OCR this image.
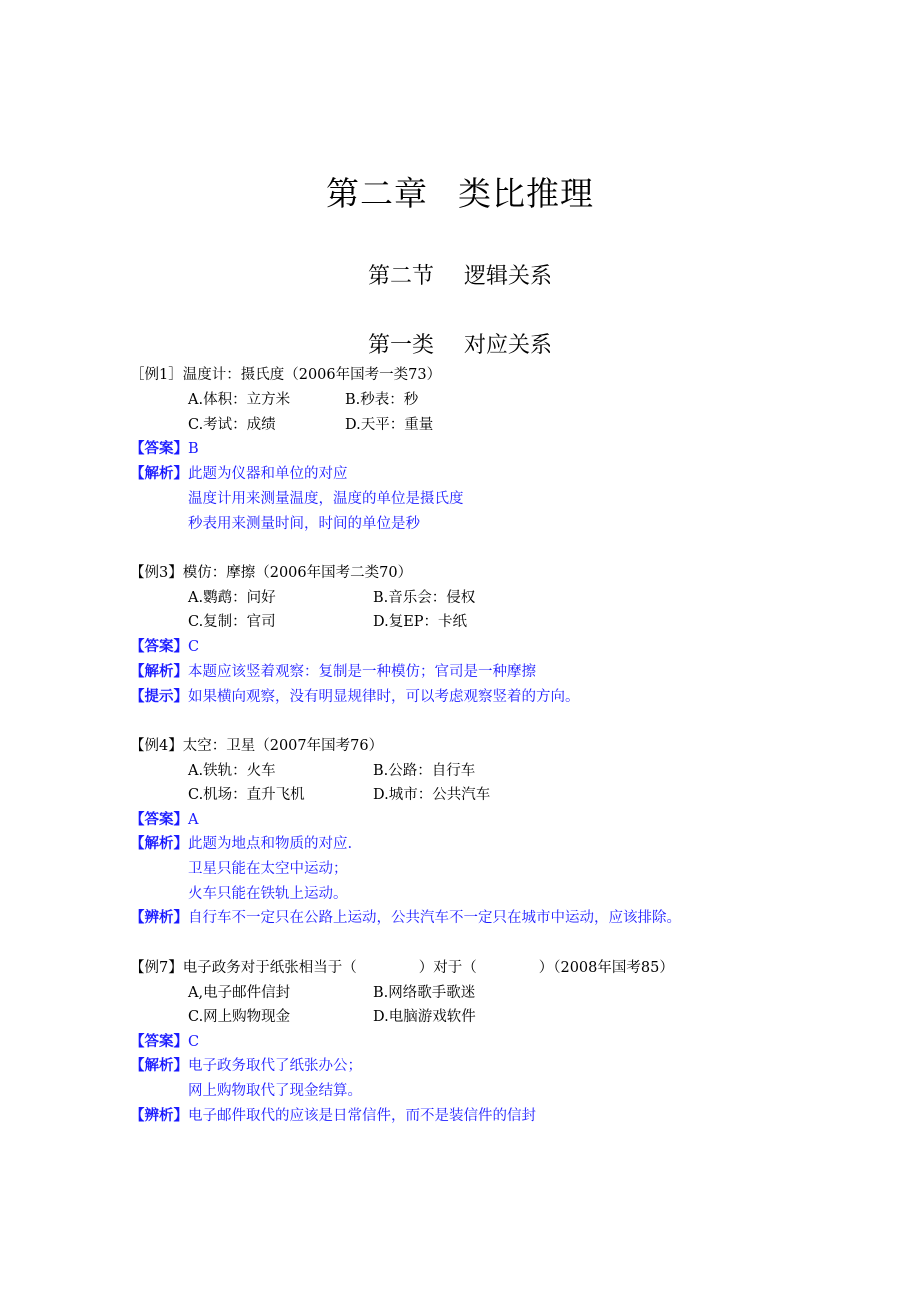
第二章 类比推理
第二节 逻辑关系
第一类 对应关系
［例1］温度计：摄氏度（2006年国考一类73）
A.体积：立方米	B.秒表：秒
C.考试：成绩	D.天平：重量
【答案】B
【解析】此题为仪器和单位的对应
温度计用来测量温度，温度的单位是摄氏度
秒表用来测量时间，时间的单位是秒
【例3】模仿：摩擦（2006年国考二类70）
A.鹦鹉：问好	B.音乐会：侵权
C.复制：官司	D.复EP：卡纸
【答案】C
【解析】本题应该竖着观察：复制是一种模仿；官司是一种摩擦
【提示】如果横向观察，没有明显规律时，可以考虑观察竖着的方向。
【例4】太空：卫星（2007年国考76）
A.铁轨：火车	B.公路：自行车
C.机场：直升飞机	D.城市：公共汽车
【答案】A
【解析】此题为地点和物质的对应.
卫星只能在太空中运动；
火车只能在铁轨上运动。
【辨析】自行车不一定只在公路上运动，公共汽车不一定只在城市中运动，应该排除。
【例7】电子政务对于纸张相当于（	）对于（	）（2008年国考85）
A,电子邮件信封	B.网络歌手歌迷
C.网上购物现金	D.电脑游戏软件
【答案】C
【解析】电子政务取代了纸张办公；
网上购物取代了现金结算。
【辨析】电子邮件取代的应该是日常信件，而不是装信件的信封
